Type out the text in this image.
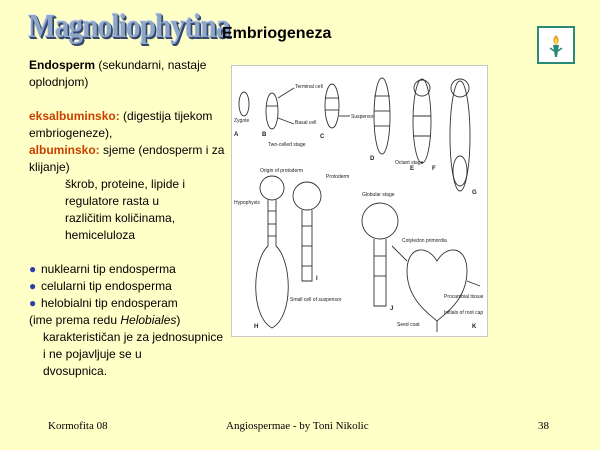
Magnoliophytina
Embriogeneza

Endosperm (sekundarni, nastaje oplodnjom)

eksalbuminsko: (digestija tijekom embriogeneze),

albuminsko: sjeme (endosperm i za klijanje)

škrob, proteine, lipide i
regulatore rasta u
različitim količinama,
hemiceluloza
● nuklearni tip endosperma
● celularni tip endosperma
● helobialni tip endosperam

(ime prema redu Helobiales)

karakterističan je za jednosupnice i ne pojavljuje se u

dvosupnica.

Zygote
Terminal cell
Basal cell
Suspensor
Two-celled stage
Octant stage
Origin of protoderm
Protoderm
Hypophysis
Globular stage
Cotyledon primordia
Seed coat
Small cell of suspensor	Procambial tissue
Initials of root cap
A	B	C
D
E	F
G
H
I
J
K
Kormofita 08	Angiospermae - by Toni Nikolic	38
